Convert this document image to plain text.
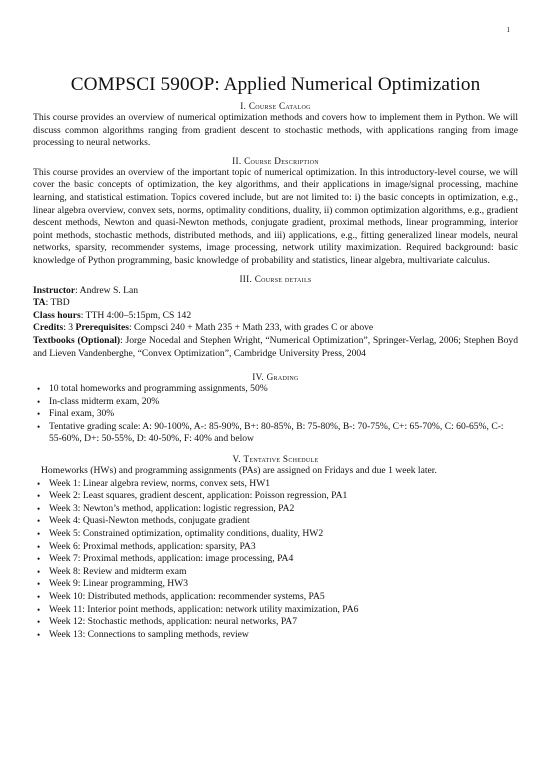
1
COMPSCI 590OP: Applied Numerical Optimization
I. Course Catalog

This course provides an overview of numerical optimization methods and covers how to implement them in Python. We will discuss common algorithms ranging from gradient descent to stochastic methods, with applications ranging from image processing to neural networks.

II. Course Description

This course provides an overview of the important topic of numerical optimization. In this introductory-level course, we will cover the basic concepts of optimization, the key algorithms, and their applications in image/signal processing, machine learning, and statistical estimation. Topics covered include, but are not limited to: i) the basic concepts in optimization, e.g., linear algebra overview, convex sets, norms, optimality conditions, duality, ii) common optimization algorithms, e.g., gradient descent methods, Newton and quasi-Newton methods, conjugate gradient, proximal methods, linear programming, interior point methods, stochastic methods, distributed methods, and iii) applications, e.g., fitting generalized linear models, neural networks, sparsity, recommender systems, image processing, network utility maximization. Required background: basic knowledge of Python programming, basic knowledge of probability and statistics, linear algebra, multivariate calculus.

III. Course details
Instructor: Andrew S. Lan
TA: TBD
Class hours: TTH 4:00–5:15pm, CS 142
Credits: 3 Prerequisites: Compsci 240 + Math 235 + Math 233, with grades C or above
Textbooks (Optional): Jorge Nocedal and Stephen Wright, “Numerical Optimization”, Springer-Verlag, 2006; Stephen Boyd and Lieven Vandenberghe, “Convex Optimization”, Cambridge University Press, 2004
IV. Grading
• 10 total homeworks and programming assignments, 50%
• In-class midterm exam, 20%
• Final exam, 30%
• Tentative grading scale: A: 90-100%, A-: 85-90%, B+: 80-85%, B: 75-80%, B-: 70-75%, C+: 65-70%, C: 60-65%, C-: 55-60%, D+: 50-55%, D: 40-50%, F: 40% and below
V. Tentative Schedule

Homeworks (HWs) and programming assignments (PAs) are assigned on Fridays and due 1 week later.

• Week 1: Linear algebra review, norms, convex sets, HW1
• Week 2: Least squares, gradient descent, application: Poisson regression, PA1
• Week 3: Newton’s method, application: logistic regression, PA2
• Week 4: Quasi-Newton methods, conjugate gradient
• Week 5: Constrained optimization, optimality conditions, duality, HW2
• Week 6: Proximal methods, application: sparsity, PA3
• Week 7: Proximal methods, application: image processing, PA4
• Week 8: Review and midterm exam
• Week 9: Linear programming, HW3
• Week 10: Distributed methods, application: recommender systems, PA5
• Week 11: Interior point methods, application: network utility maximization, PA6
• Week 12: Stochastic methods, application: neural networks, PA7
• Week 13: Connections to sampling methods, review
